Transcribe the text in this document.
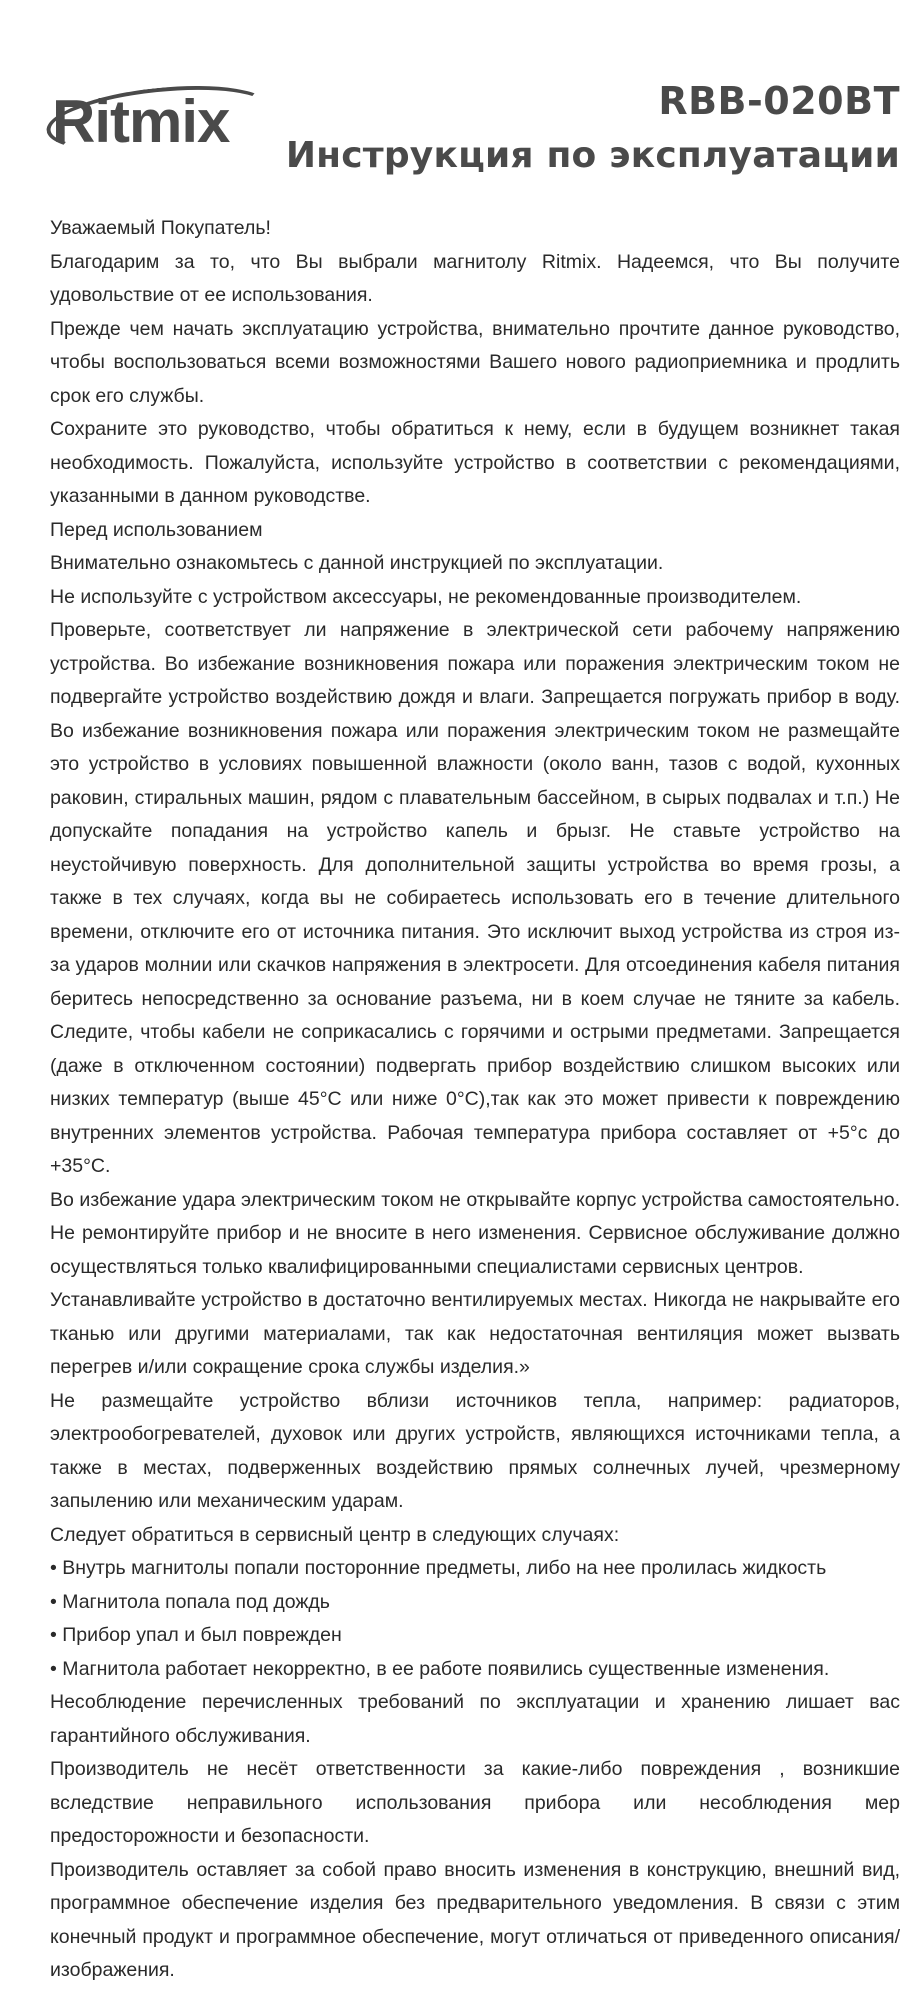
Ritmix	RBB-020BT
Инструкция по эксплуатации

Уважаемый Покупатель!

Благодарим за то, что Вы выбрали магнитолу Ritmix. Надеемся, что Вы получите удовольствие от ее использования.

Прежде чем начать эксплуатацию устройства, внимательно прочтите данное руководство, чтобы воспользоваться всеми возможностями Вашего нового радиоприемника и продлить срок его службы.

Сохраните это руководство, чтобы обратиться к нему, если в будущем возникнет такая необходимость. Пожалуйста, используйте устройство в соответствии с рекомендациями, указанными в данном руководстве.

Перед использованием

Внимательно ознакомьтесь с данной инструкцией по эксплуатации.

Не используйте с устройством аксессуары, не рекомендованные производителем.

Проверьте, соответствует ли напряжение в электрической сети рабочему напряжению устройства. Во избежание возникновения пожара или поражения электрическим током не подвергайте устройство воздействию дождя и влаги. Запрещается погружать прибор в воду. Во избежание возникновения пожара или поражения электрическим током не размещайте это устройство в условиях повышенной влажности (около ванн, тазов с водой, кухонных раковин, стиральных машин, рядом с плавательным бассейном, в сырых подвалах и т.п.) Не допускайте попадания на устройство капель и брызг. Не ставьте устройство на неустойчивую поверхность. Для дополнительной защиты устройства во время грозы, а также в тех случаях, когда вы не собираетесь использовать его в течение длительного времени, отключите его от источника питания. Это исключит выход устройства из строя из-за ударов молнии или скачков напряжения в электросети. Для отсоединения кабеля питания беритесь непосредственно за основание разъема, ни в коем случае не тяните за кабель. Следите, чтобы кабели не соприкасались с горячими и острыми предметами. Запрещается (даже в отключенном состоянии) подвергать прибор воздействию слишком высоких или низких температур (выше 45°С или ниже 0°С),так как это может привести к повреждению внутренних элементов устройства. Рабочая температура прибора составляет от +5°с до +35°С.

Во избежание удара электрическим током не открывайте корпус устройства самостоятельно. Не ремонтируйте прибор и не вносите в него изменения. Сервисное обслуживание должно осуществляться только квалифицированными специалистами сервисных центров.

Устанавливайте устройство в достаточно вентилируемых местах. Никогда не накрывайте его тканью или другими материалами, так как недостаточная вентиляция может вызвать перегрев и/или сокращение срока службы изделия.»

Не размещайте устройство вблизи источников тепла, например: радиаторов, электрообогревателей, духовок или других устройств, являющихся источниками тепла, а также в местах, подверженных воздействию прямых солнечных лучей, чрезмерному запылению или механическим ударам.

Следует обратиться в сервисный центр в следующих случаях:

• Внутрь магнитолы попали посторонние предметы, либо на нее пролилась жидкость

• Магнитола попала под дождь

• Прибор упал и был поврежден

• Магнитола работает некорректно, в ее работе появились существенные изменения.

Несоблюдение перечисленных требований по эксплуатации и хранению лишает вас гарантийного обслуживания.

Производитель не несёт ответственности за какие-либо повреждения , возникшие вследствие неправильного использования прибора или несоблюдения мер предосторожности и безопасности.

Производитель оставляет за собой право вносить изменения в конструкцию, внешний вид, программное обеспечение изделия без предварительного уведомления. В связи с этим конечный продукт и программное обеспечение, могут отличаться от приведенного описания/изображения.
